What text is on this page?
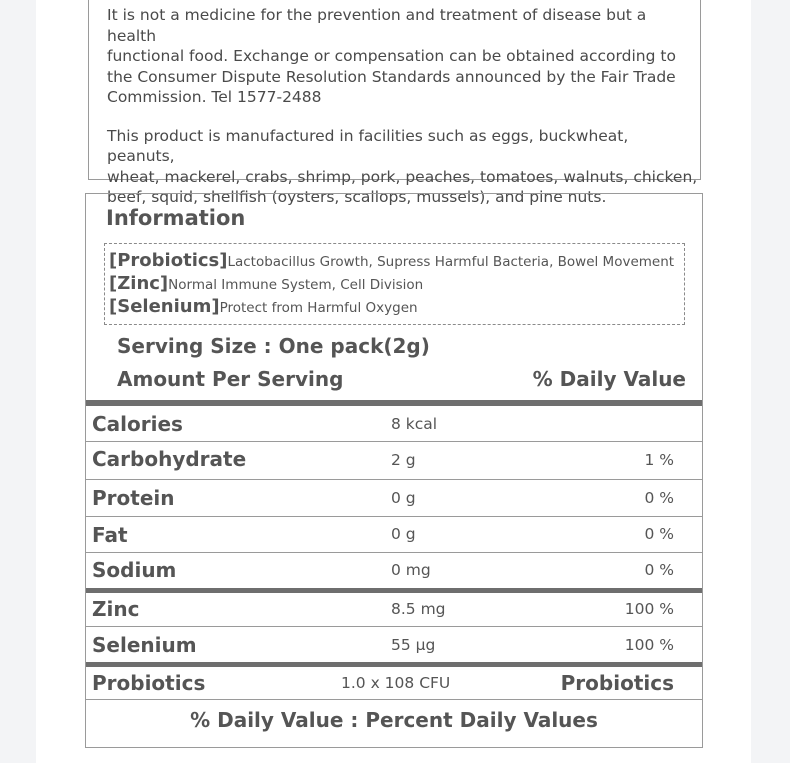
It is not a medicine for the prevention and treatment of disease but a health
functional food. Exchange or compensation can be obtained according to
the Consumer Dispute Resolution Standards announced by the Fair Trade
Commission. Tel 1577-2488

This product is manufactured in facilities such as eggs, buckwheat, peanuts,
wheat, mackerel, crabs, shrimp, pork, peaches, tomatoes, walnuts, chicken,
beef, squid, shellfish (oysters, scallops, mussels), and pine nuts.

Information
[Probiotics]Lactobacillus Growth, Supress Harmful Bacteria, Bowel Movement
[Zinc]Normal Immune System, Cell Division
[Selenium]Protect from Harmful Oxygen
Serving Size : One pack(2g)
Amount Per Serving	% Daily Value
Calories	8 kcal
Carbohydrate	2 g	1 %
Protein	0 g	0 %
Fat	0 g	0 %
Sodium	0 mg	0 %
Zinc	8.5 mg	100 %
Selenium	55 μg	100 %
Probiotics	1.0 x 108 CFU	Probiotics
% Daily Value : Percent Daily Values
